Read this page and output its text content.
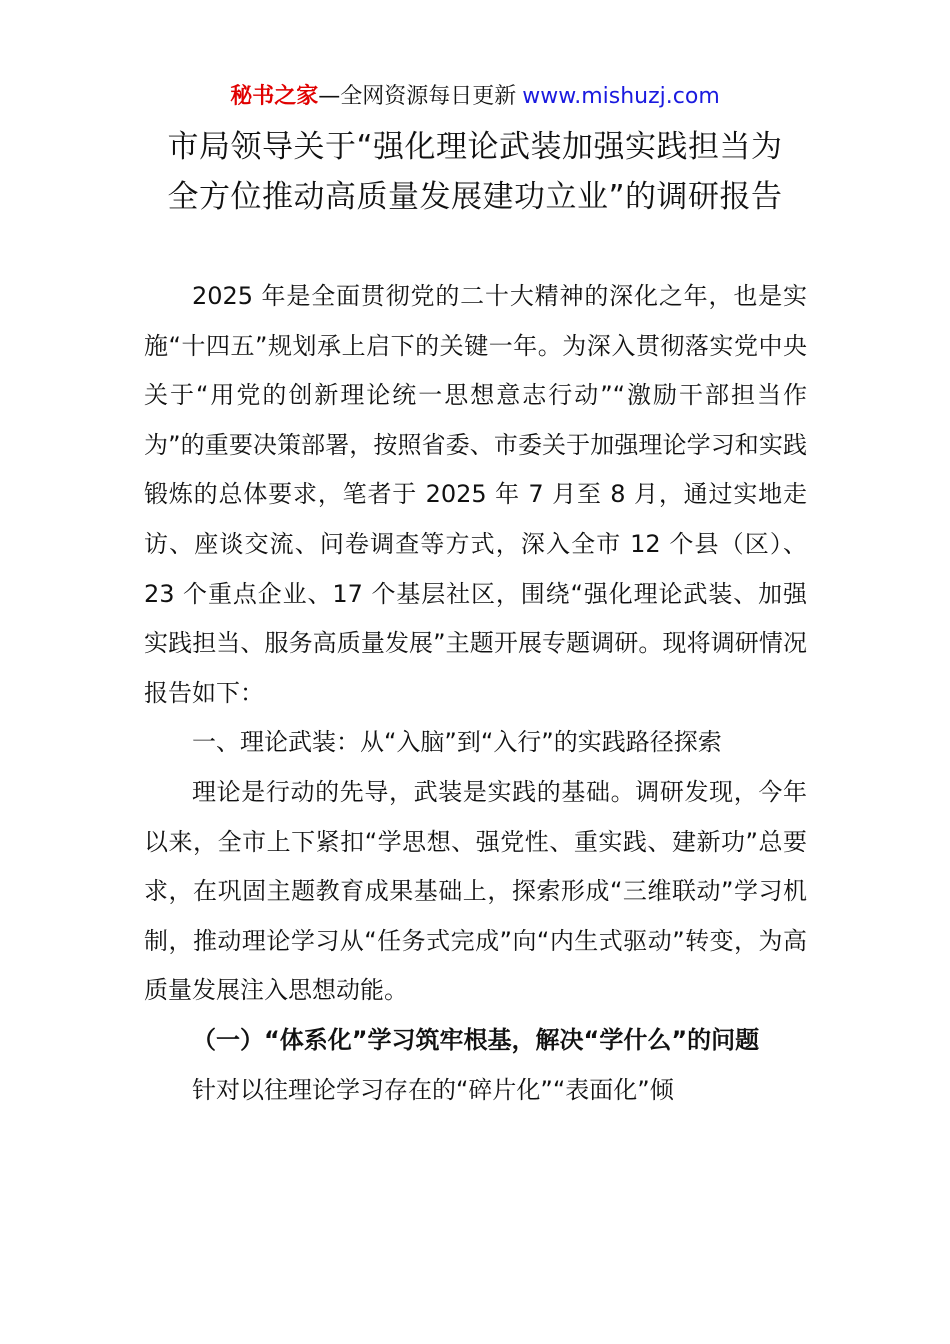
秘书之家—全网资源每日更新 www.mishuzj.com
市局领导关于“强化理论武装加强实践担当为
全方位推动高质量发展建功立业”的调研报告

2025 年是全面贯彻党的二十大精神的深化之年，也是实施“十四五”规划承上启下的关键一年。为深入贯彻落实党中央关于“用党的创新理论统一思想意志行动”“激励干部担当作为”的重要决策部署，按照省委、市委关于加强理论学习和实践锻炼的总体要求，笔者于 2025 年 7 月至 8 月，通过实地走访、座谈交流、问卷调查等方式，深入全市 12 个县（区）、23 个重点企业、17 个基层社区，围绕“强化理论武装、加强实践担当、服务高质量发展”主题开展专题调研。现将调研情况报告如下：

一、理论武装：从“入脑”到“入行”的实践路径探索

理论是行动的先导，武装是实践的基础。调研发现，今年以来，全市上下紧扣“学思想、强党性、重实践、建新功”总要求，在巩固主题教育成果基础上，探索形成“三维联动”学习机制，推动理论学习从“任务式完成”向“内生式驱动”转变，为高质量发展注入思想动能。

（一）“体系化”学习筑牢根基，解决“学什么”的问题

针对以往理论学习存在的“碎片化”“表面化”倾
